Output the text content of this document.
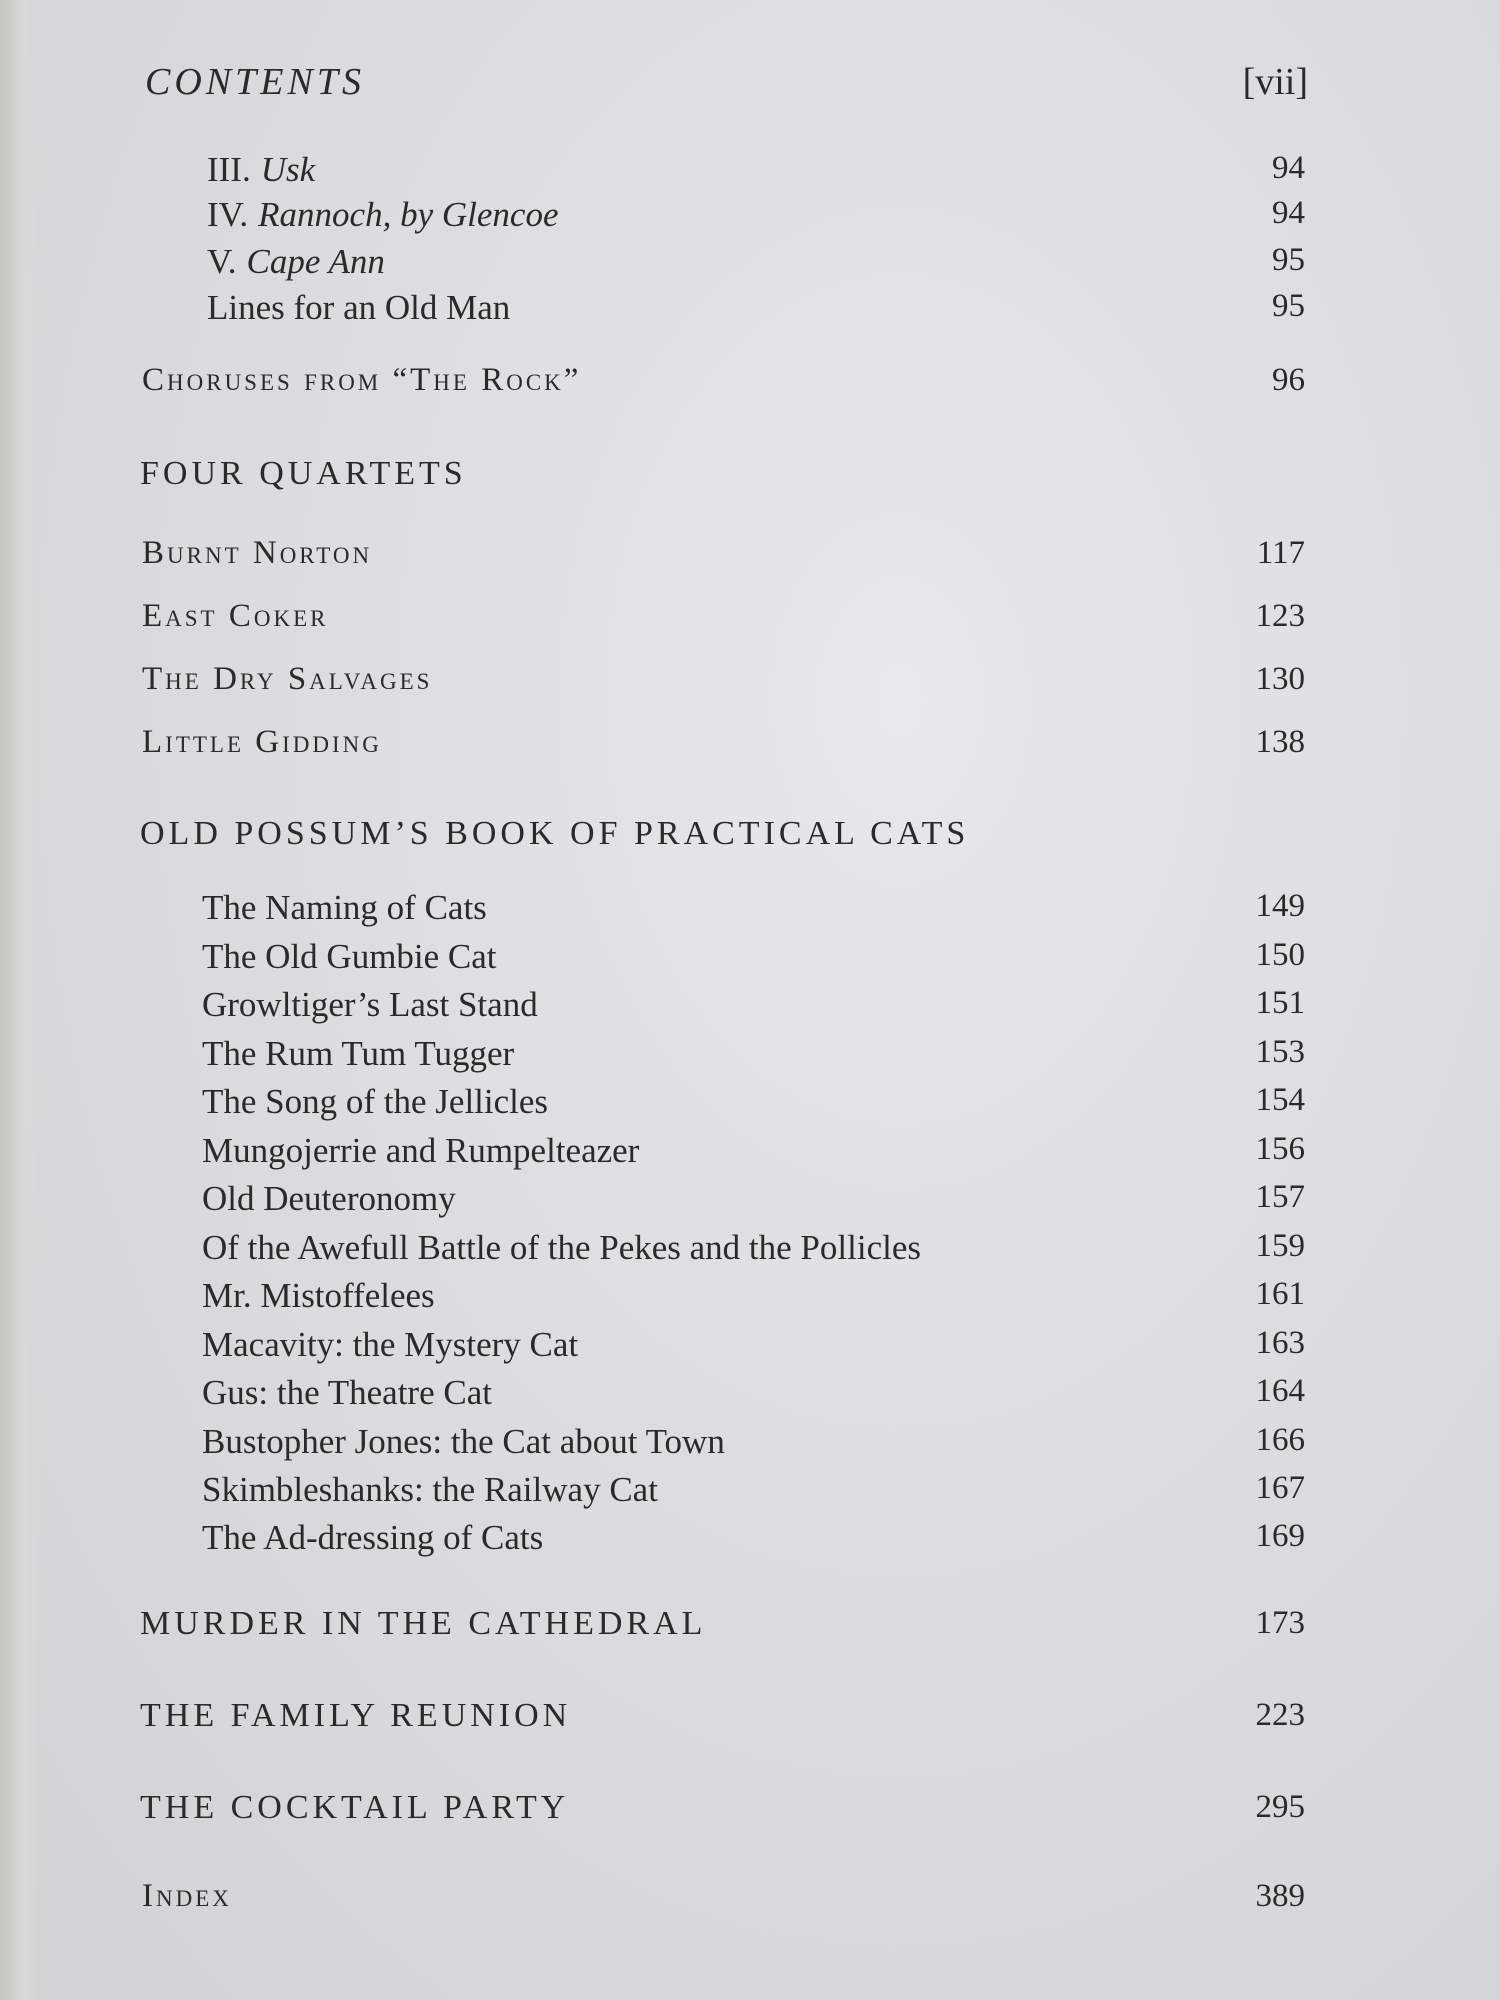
CONTENTS	[vii]
III. Usk	94
IV. Rannoch, by Glencoe	94
V. Cape Ann	95
Lines for an Old Man	95
Choruses from “The Rock”	96
FOUR QUARTETS
Burnt Norton	117
East Coker	123
The Dry Salvages	130
Little Gidding	138
OLD POSSUM’S BOOK OF PRACTICAL CATS
The Naming of Cats	149
The Old Gumbie Cat	150
Growltiger’s Last Stand	151
The Rum Tum Tugger	153
The Song of the Jellicles	154
Mungojerrie and Rumpelteazer	156
Old Deuteronomy	157
Of the Awefull Battle of the Pekes and the Pollicles	159
Mr. Mistoffelees	161
Macavity: the Mystery Cat	163
Gus: the Theatre Cat	164
Bustopher Jones: the Cat about Town	166
Skimbleshanks: the Railway Cat	167
The Ad-dressing of Cats	169
MURDER IN THE CATHEDRAL	173
THE FAMILY REUNION	223
THE COCKTAIL PARTY	295
Index	389
